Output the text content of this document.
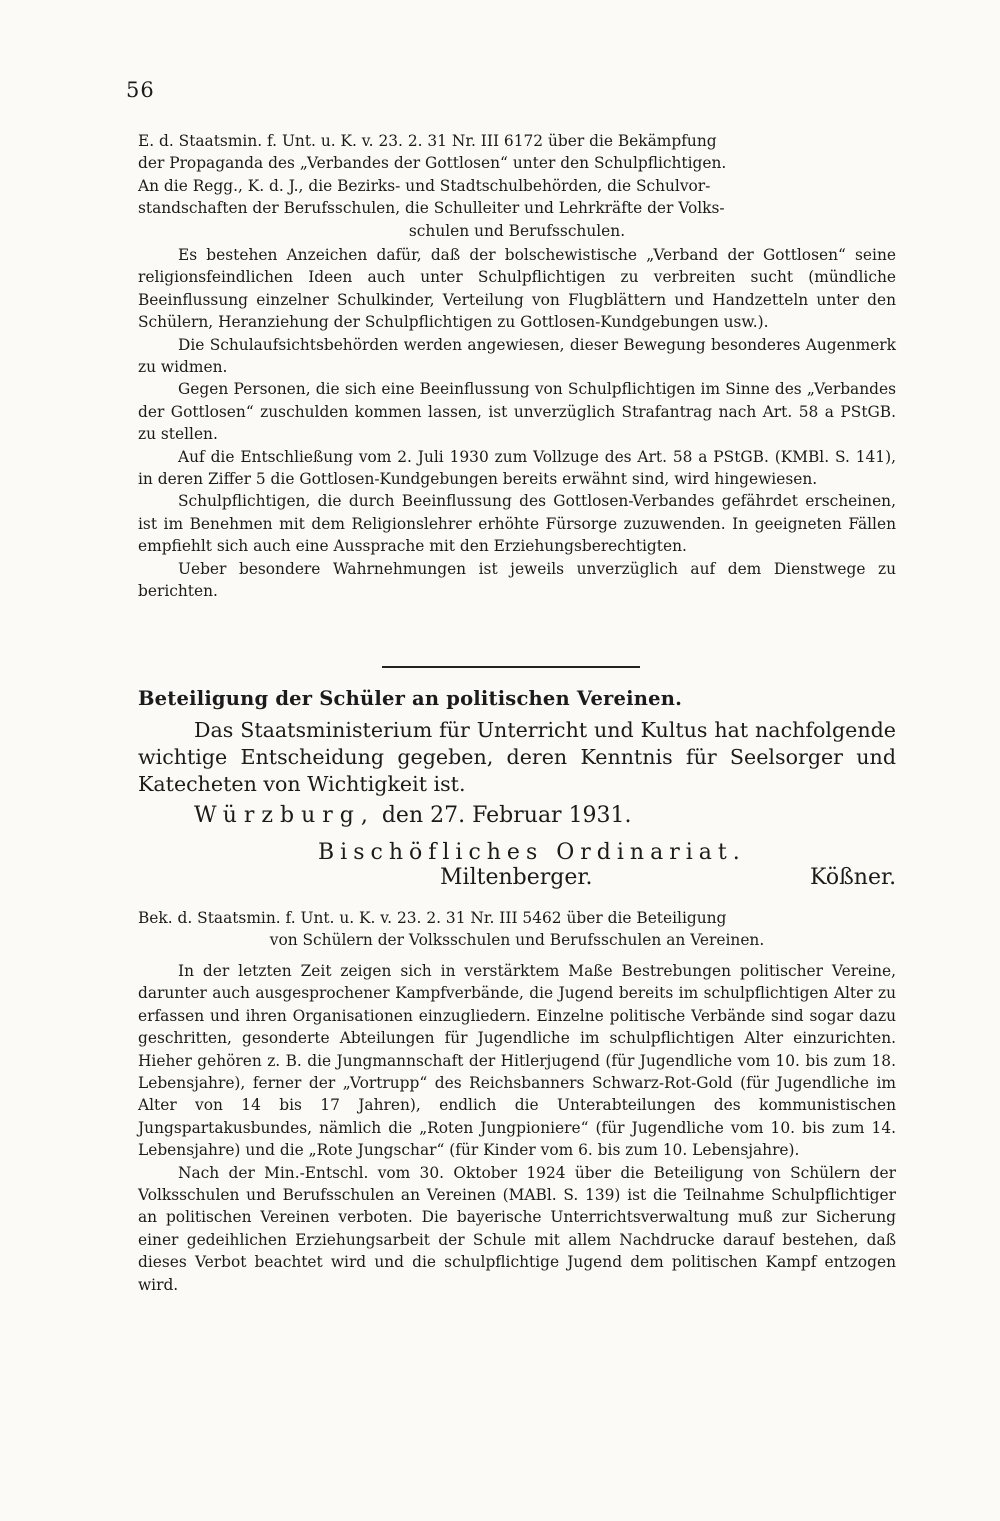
56

E. d. Staatsmin. f. Unt. u. K. v. 23. 2. 31 Nr. III 6172 über die Bekämpfung

der Propaganda des „Verbandes der Gottlosen“ unter den Schulpflichtigen.

An die Regg., K. d. J., die Bezirks- und Stadtschulbehörden, die Schulvor-

standschaften der Berufsschulen, die Schulleiter und Lehrkräfte der Volks-

schulen und Berufsschulen.

Es bestehen Anzeichen dafür, daß der bolschewistische „Verband der Gottlosen“ seine religionsfeindlichen Ideen auch unter Schulpflichtigen zu verbreiten sucht (mündliche Beeinflussung einzelner Schulkinder, Verteilung von Flugblättern und Handzetteln unter den Schülern, Heranziehung der Schulpflichtigen zu Gottlosen-Kundgebungen usw.).

Die Schulaufsichtsbehörden werden angewiesen, dieser Bewegung besonderes Augenmerk zu widmen.

Gegen Personen, die sich eine Beeinflussung von Schulpflichtigen im Sinne des „Verbandes der Gottlosen“ zuschulden kommen lassen, ist unverzüglich Strafantrag nach Art. 58 a PStGB. zu stellen.

Auf die Entschließung vom 2. Juli 1930 zum Vollzuge des Art. 58 a PStGB. (KMBl. S. 141), in deren Ziffer 5 die Gottlosen-Kundgebungen bereits erwähnt sind, wird hingewiesen.

Schulpflichtigen, die durch Beeinflussung des Gottlosen-Verbandes gefährdet erscheinen, ist im Benehmen mit dem Religionslehrer erhöhte Fürsorge zuzuwenden. In geeigneten Fällen empfiehlt sich auch eine Aussprache mit den Erziehungsberechtigten.

Ueber besondere Wahrnehmungen ist jeweils unverzüglich auf dem Dienstwege zu berichten.

Beteiligung der Schüler an politischen Vereinen.

Das Staatsministerium für Unterricht und Kultus hat nachfolgende wichtige Entscheidung gegeben, deren Kenntnis für Seelsorger und Katecheten von Wichtigkeit ist.

Würzburg, den 27. Februar 1931.
Bischöfliches Ordinariat.
Miltenberger.	Kößner.

Bek. d. Staatsmin. f. Unt. u. K. v. 23. 2. 31 Nr. III 5462 über die Beteiligung

von Schülern der Volksschulen und Berufsschulen an Vereinen.

In der letzten Zeit zeigen sich in verstärktem Maße Bestrebungen politischer Vereine, darunter auch ausgesprochener Kampfverbände, die Jugend bereits im schulpflichtigen Alter zu erfassen und ihren Organisationen einzugliedern. Einzelne politische Verbände sind sogar dazu geschritten, gesonderte Abteilungen für Jugendliche im schulpflichtigen Alter einzurichten. Hieher gehören z. B. die Jungmannschaft der Hitlerjugend (für Jugendliche vom 10. bis zum 18. Lebensjahre), ferner der „Vortrupp“ des Reichsbanners Schwarz-Rot-Gold (für Jugendliche im Alter von 14 bis 17 Jahren), endlich die Unterabteilungen des kommunistischen Jungspartakusbundes, nämlich die „Roten Jungpioniere“ (für Jugendliche vom 10. bis zum 14. Lebensjahre) und die „Rote Jungschar“ (für Kinder vom 6. bis zum 10. Lebensjahre).

Nach der Min.-Entschl. vom 30. Oktober 1924 über die Beteiligung von Schülern der Volksschulen und Berufsschulen an Vereinen (MABl. S. 139) ist die Teilnahme Schulpflichtiger an politischen Vereinen verboten. Die bayerische Unterrichtsverwaltung muß zur Sicherung einer gedeihlichen Erziehungsarbeit der Schule mit allem Nachdrucke darauf bestehen, daß dieses Verbot beachtet wird und die schulpflichtige Jugend dem politischen Kampf entzogen wird.
